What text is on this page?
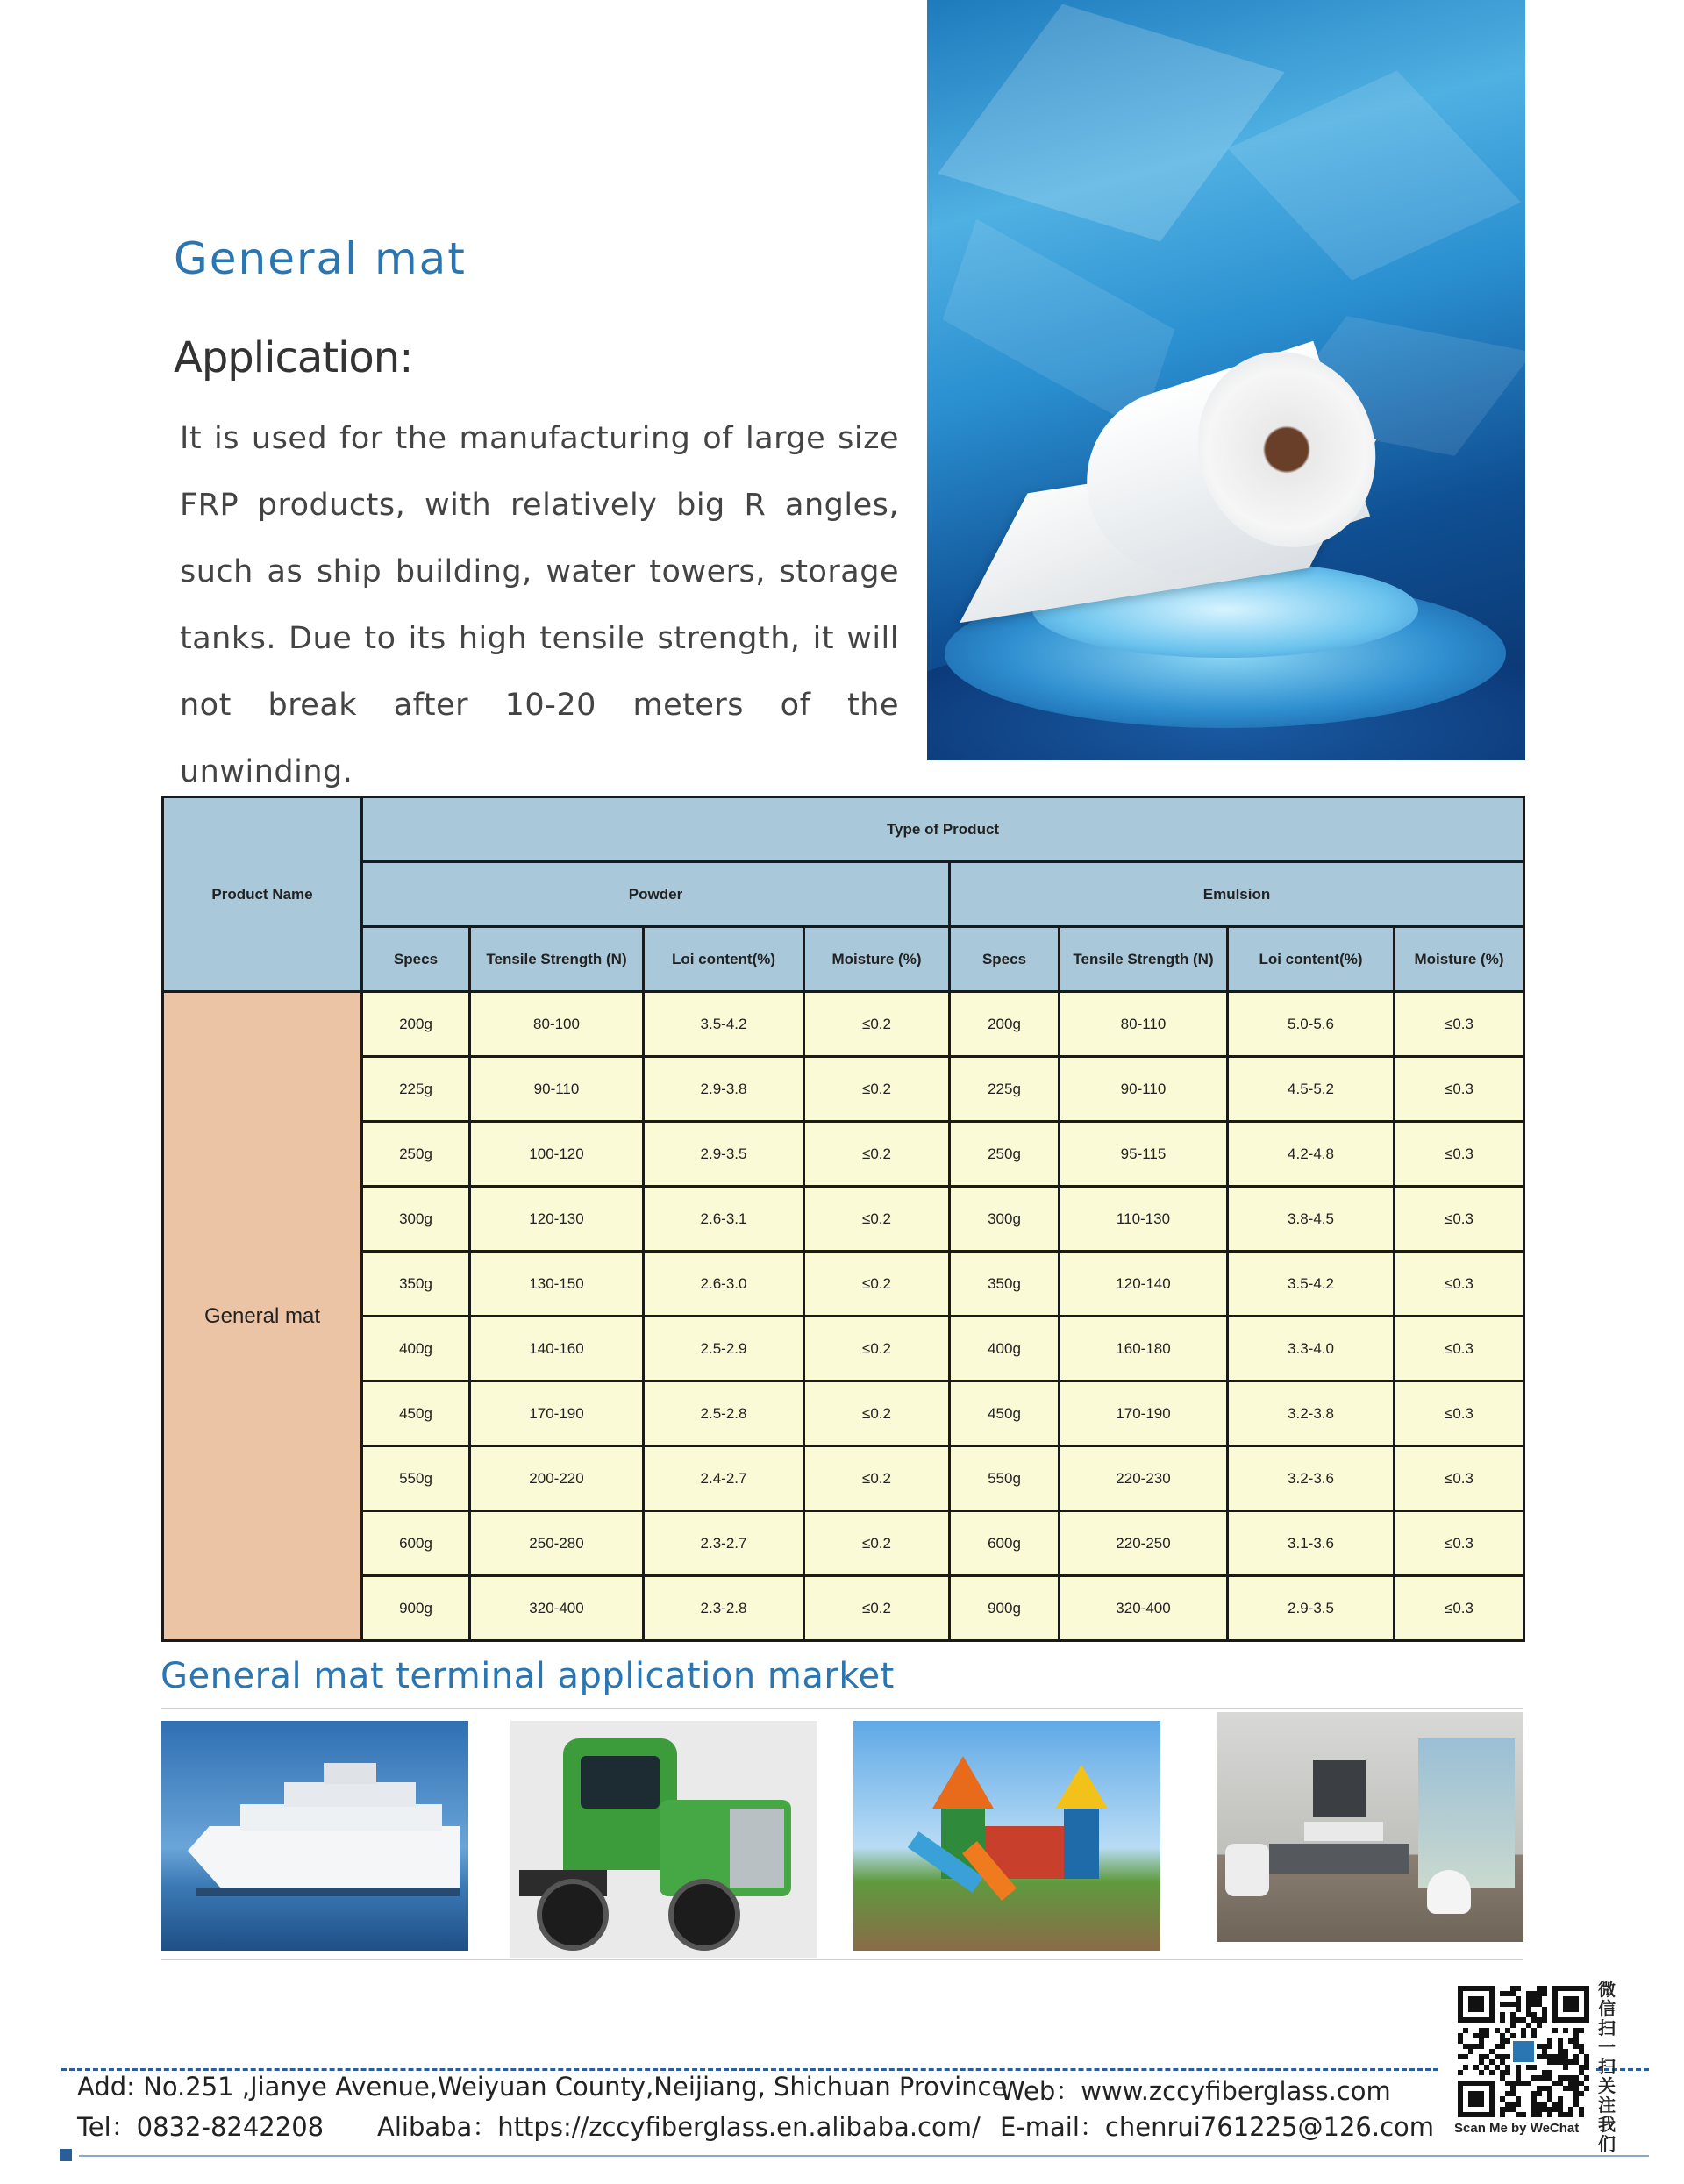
General mat
Application:
It is used for the manufacturing of large size FRP products, with relatively big R angles, such as ship building, water towers, storage tanks. Due to its high tensile strength, it will not break after 10-20 meters of the unwinding.
Product Name	Type of Product							
	Powder				Emulsion			
	Specs	Tensile Strength (N)	Loi content(%)	Moisture (%)	Specs	Tensile Strength (N)	Loi content(%)	Moisture (%)
General mat	200g	80-100	3.5-4.2	≤0.2	200g	80-110	5.0-5.6	≤0.3
	225g	90-110	2.9-3.8	≤0.2	225g	90-110	4.5-5.2	≤0.3
	250g	100-120	2.9-3.5	≤0.2	250g	95-115	4.2-4.8	≤0.3
	300g	120-130	2.6-3.1	≤0.2	300g	110-130	3.8-4.5	≤0.3
	350g	130-150	2.6-3.0	≤0.2	350g	120-140	3.5-4.2	≤0.3
	400g	140-160	2.5-2.9	≤0.2	400g	160-180	3.3-4.0	≤0.3
	450g	170-190	2.5-2.8	≤0.2	450g	170-190	3.2-3.8	≤0.3
	550g	200-220	2.4-2.7	≤0.2	550g	220-230	3.2-3.6	≤0.3
	600g	250-280	2.3-2.7	≤0.2	600g	220-250	3.1-3.6	≤0.3
	900g	320-400	2.3-2.8	≤0.2	900g	320-400	2.9-3.5	≤0.3
General mat terminal application market
Add: No.251 ,Jianye Avenue,Weiyuan County,Neijiang, Shichuan Province
Tel：0832-8242208 Alibaba：https://zccyfiberglass.en.alibaba.com/
Web：www.zccyfiberglass.com
E-mail：chenrui761225@126.com Scan Me by WeChat
微信扫一扫关注我们
